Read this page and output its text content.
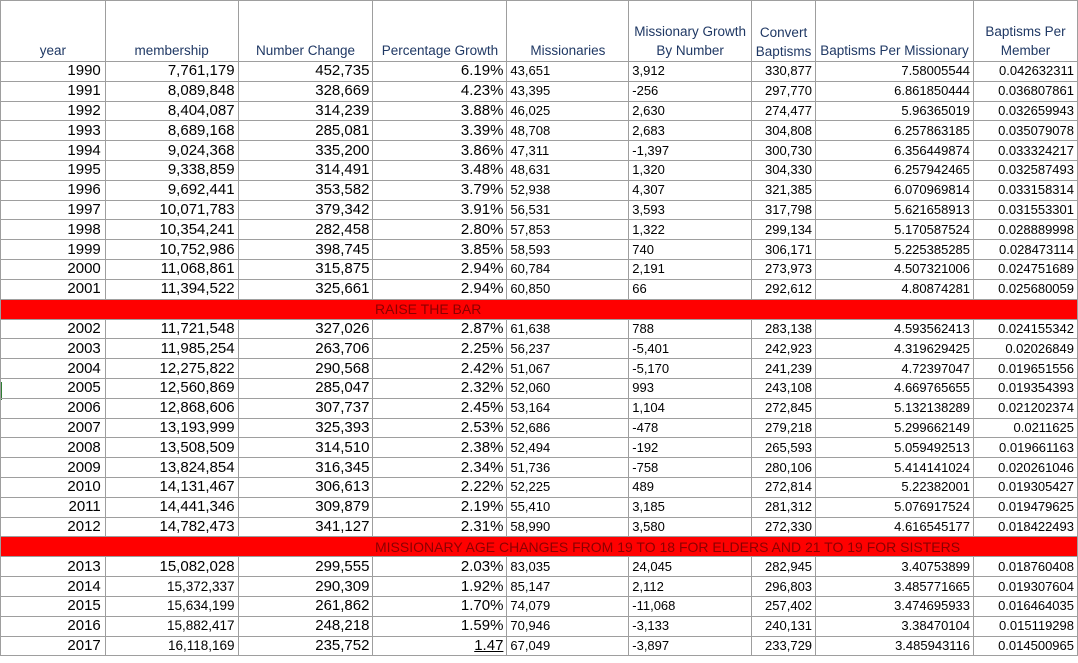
year	membership	Number Change	Percentage Growth	Missionaries	Missionary Growth By Number	Convert Baptisms	Baptisms Per Missionary	Baptisms Per Member
1990	7,761,179	452,735	6.19%	43,651	3,912	330,877	7.58005544	0.042632311
1991	8,089,848	328,669	4.23%	43,395	-256	297,770	6.861850444	0.036807861
1992	8,404,087	314,239	3.88%	46,025	2,630	274,477	5.96365019	0.032659943
1993	8,689,168	285,081	3.39%	48,708	2,683	304,808	6.257863185	0.035079078
1994	9,024,368	335,200	3.86%	47,311	-1,397	300,730	6.356449874	0.033324217
1995	9,338,859	314,491	3.48%	48,631	1,320	304,330	6.257942465	0.032587493
1996	9,692,441	353,582	3.79%	52,938	4,307	321,385	6.070969814	0.033158314
1997	10,071,783	379,342	3.91%	56,531	3,593	317,798	5.621658913	0.031553301
1998	10,354,241	282,458	2.80%	57,853	1,322	299,134	5.170587524	0.028889998
1999	10,752,986	398,745	3.85%	58,593	740	306,171	5.225385285	0.028473114
2000	11,068,861	315,875	2.94%	60,784	2,191	273,973	4.507321006	0.024751689
2001	11,394,522	325,661	2.94%	60,850	66	292,612	4.80874281	0.025680059
RAISE THE BAR								
2002	11,721,548	327,026	2.87%	61,638	788	283,138	4.593562413	0.024155342
2003	11,985,254	263,706	2.25%	56,237	-5,401	242,923	4.319629425	0.02026849
2004	12,275,822	290,568	2.42%	51,067	-5,170	241,239	4.72397047	0.019651556
2005	12,560,869	285,047	2.32%	52,060	993	243,108	4.669765655	0.019354393
2006	12,868,606	307,737	2.45%	53,164	1,104	272,845	5.132138289	0.021202374
2007	13,193,999	325,393	2.53%	52,686	-478	279,218	5.299662149	0.0211625
2008	13,508,509	314,510	2.38%	52,494	-192	265,593	5.059492513	0.019661163
2009	13,824,854	316,345	2.34%	51,736	-758	280,106	5.414141024	0.020261046
2010	14,131,467	306,613	2.22%	52,225	489	272,814	5.22382001	0.019305427
2011	14,441,346	309,879	2.19%	55,410	3,185	281,312	5.076917524	0.019479625
2012	14,782,473	341,127	2.31%	58,990	3,580	272,330	4.616545177	0.018422493
MISSIONARY AGE CHANGES FROM 19 TO 18 FOR ELDERS AND 21 TO 19 FOR SISTERS								
2013	15,082,028	299,555	2.03%	83,035	24,045	282,945	3.40753899	0.018760408
2014	15,372,337	290,309	1.92%	85,147	2,112	296,803	3.485771665	0.019307604
2015	15,634,199	261,862	1.70%	74,079	-11,068	257,402	3.474695933	0.016464035
2016	15,882,417	248,218	1.59%	70,946	-3,133	240,131	3.38470104	0.015119298
2017	16,118,169	235,752	1.47	67,049	-3,897	233,729	3.485943116	0.014500965
